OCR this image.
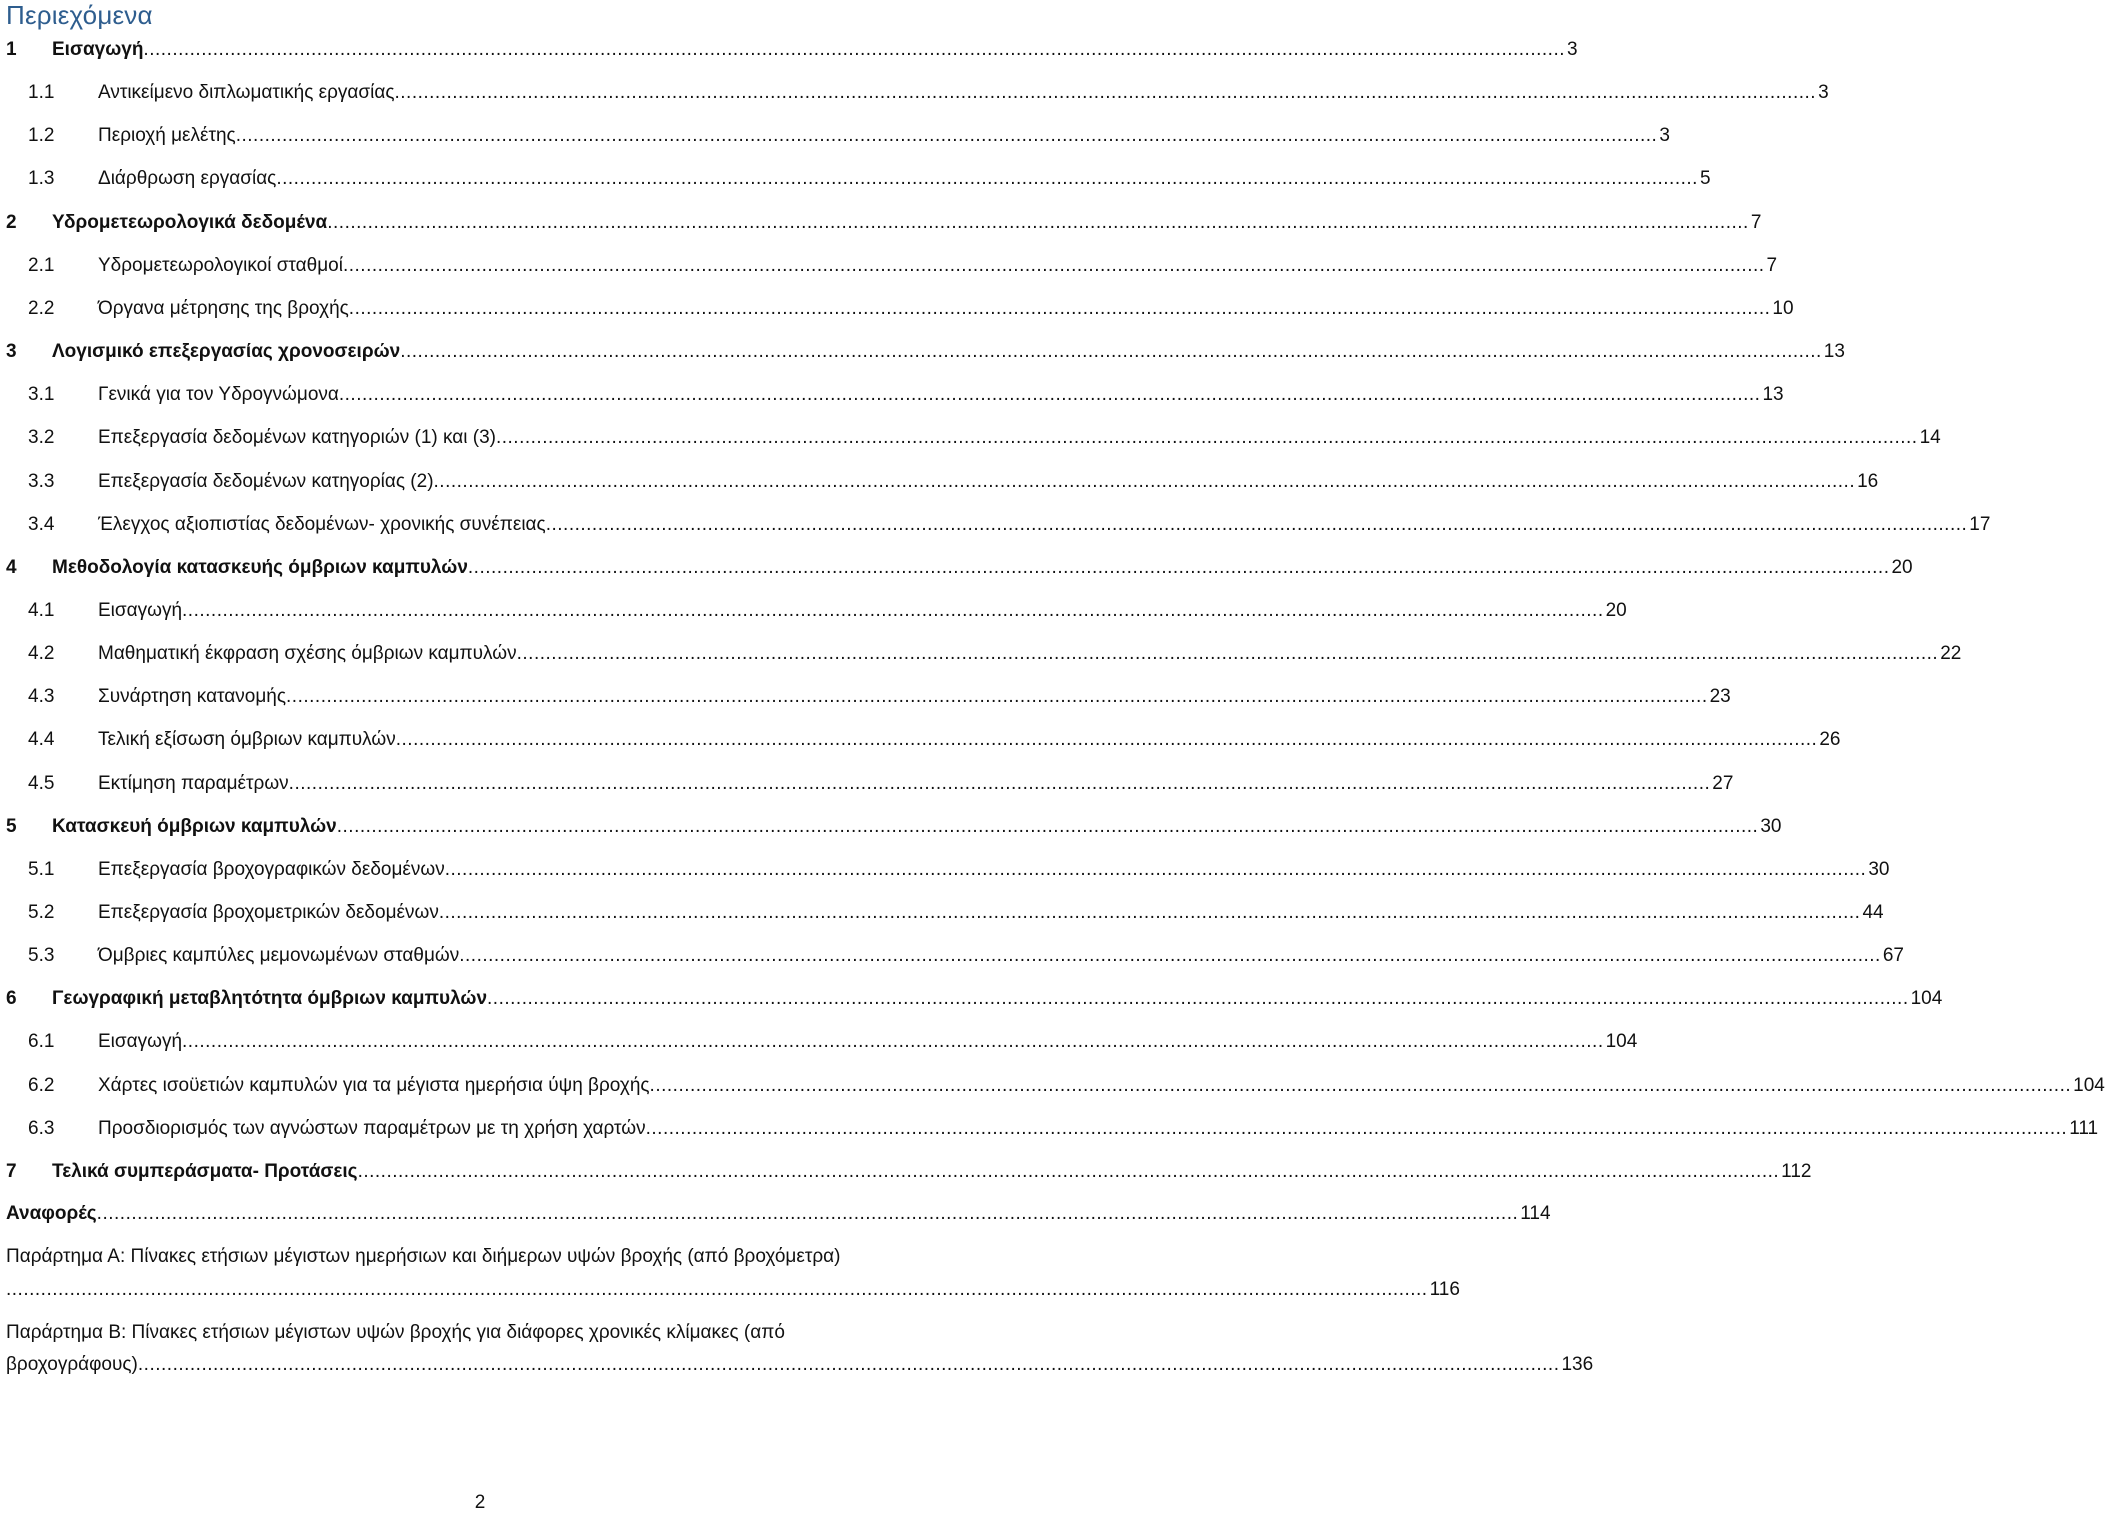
Περιεχόμενα
1 Εισαγωγή ...................................................................................................................................................................................................................................................... 3
1.1 Αντικείμενο διπλωματικής εργασίας ...................................................................................................................................................................................................................................................... 3
1.2 Περιοχή μελέτης ...................................................................................................................................................................................................................................................... 3
1.3 Διάρθρωση εργασίας ...................................................................................................................................................................................................................................................... 5
2 Υδρομετεωρολογικά δεδομένα ...................................................................................................................................................................................................................................................... 7
2.1 Υδρομετεωρολογικοί σταθμοί ...................................................................................................................................................................................................................................................... 7
2.2 Όργανα μέτρησης της βροχής ...................................................................................................................................................................................................................................................... 10
3 Λογισμικό επεξεργασίας χρονοσειρών ...................................................................................................................................................................................................................................................... 13
3.1 Γενικά για τον Υδρογνώμονα ...................................................................................................................................................................................................................................................... 13
3.2 Επεξεργασία δεδομένων κατηγοριών (1) και (3) ...................................................................................................................................................................................................................................................... 14
3.3 Επεξεργασία δεδομένων κατηγορίας (2) ...................................................................................................................................................................................................................................................... 16
3.4 Έλεγχος αξιοπιστίας δεδομένων- χρονικής συνέπειας ...................................................................................................................................................................................................................................................... 17
4 Μεθοδολογία κατασκευής όμβριων καμπυλών ...................................................................................................................................................................................................................................................... 20
4.1 Εισαγωγή ...................................................................................................................................................................................................................................................... 20
4.2 Μαθηματική έκφραση σχέσης όμβριων καμπυλών ...................................................................................................................................................................................................................................................... 22
4.3 Συνάρτηση κατανομής ...................................................................................................................................................................................................................................................... 23
4.4 Τελική εξίσωση όμβριων καμπυλών ...................................................................................................................................................................................................................................................... 26
4.5 Εκτίμηση παραμέτρων ...................................................................................................................................................................................................................................................... 27
5 Κατασκευή όμβριων καμπυλών ...................................................................................................................................................................................................................................................... 30
5.1 Επεξεργασία βροχογραφικών δεδομένων ...................................................................................................................................................................................................................................................... 30
5.2 Επεξεργασία βροχομετρικών δεδομένων ...................................................................................................................................................................................................................................................... 44
5.3 Όμβριες καμπύλες μεμονωμένων σταθμών ...................................................................................................................................................................................................................................................... 67
6 Γεωγραφική μεταβλητότητα όμβριων καμπυλών ...................................................................................................................................................................................................................................................... 104
6.1 Εισαγωγή ...................................................................................................................................................................................................................................................... 104
6.2 Χάρτες ισοϋετιών καμπυλών για τα μέγιστα ημερήσια ύψη βροχής ...................................................................................................................................................................................................................................................... 104
6.3 Προσδιορισμός των αγνώστων παραμέτρων με τη χρήση χαρτών ...................................................................................................................................................................................................................................................... 111
7 Τελικά συμπεράσματα- Προτάσεις ...................................................................................................................................................................................................................................................... 112
Αναφορές ...................................................................................................................................................................................................................................................... 114
Παράρτημα Α: Πίνακες ετήσιων μέγιστων ημερήσιων και διήμερων υψών βροχής (από βροχόμετρα)
...................................................................................................................................................................................................................................................... 116
Παράρτημα Β: Πίνακες ετήσιων μέγιστων υψών βροχής για διάφορες χρονικές κλίμακες (από
βροχογράφους) ...................................................................................................................................................................................................................................................... 136
2
